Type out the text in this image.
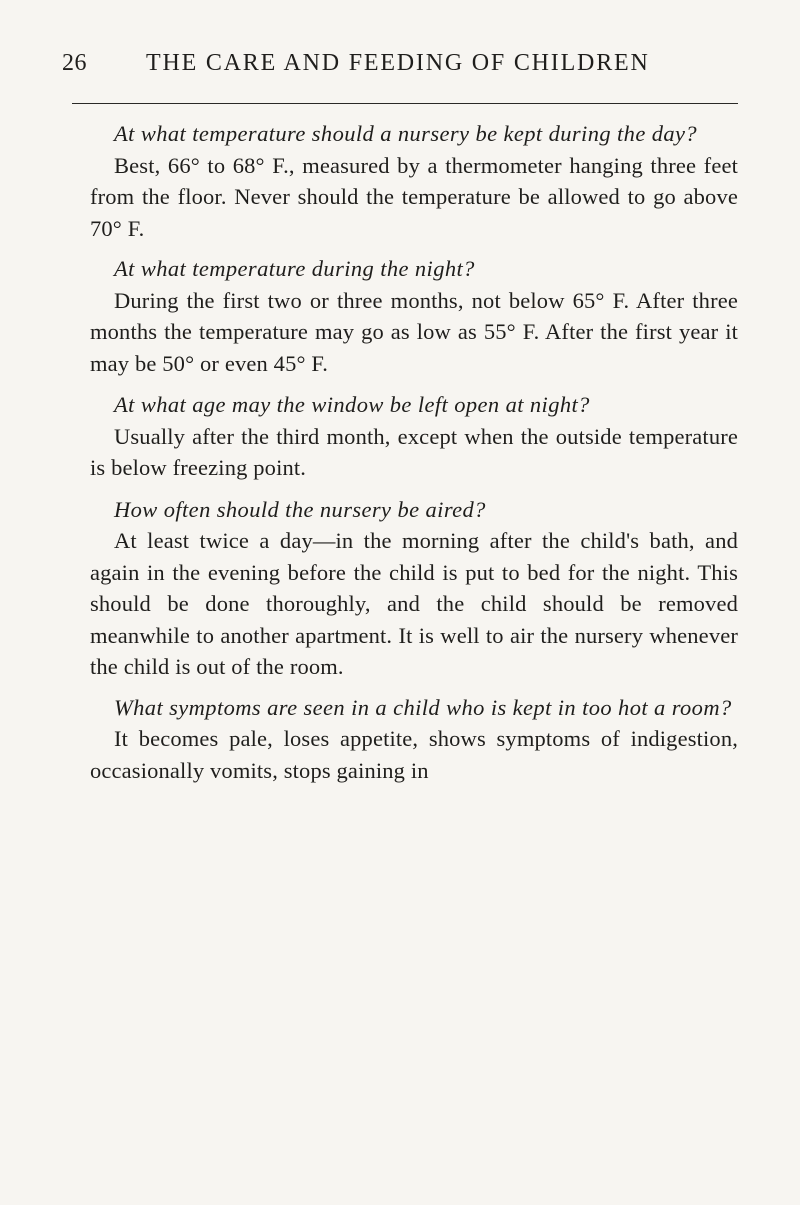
26 THE CARE AND FEEDING OF CHILDREN

At what temperature should a nursery be kept during the day?

Best, 66° to 68° F., measured by a thermometer hanging three feet from the floor. Never should the temperature be allowed to go above 70° F.

At what temperature during the night?

During the first two or three months, not below 65° F. After three months the temperature may go as low as 55° F. After the first year it may be 50° or even 45° F.

At what age may the window be left open at night?

Usually after the third month, except when the outside temperature is below freezing point.

How often should the nursery be aired?

At least twice a day—in the morning after the child's bath, and again in the evening before the child is put to bed for the night. This should be done thoroughly, and the child should be removed meanwhile to another apartment. It is well to air the nursery whenever the child is out of the room.

What symptoms are seen in a child who is kept in too hot a room?

It becomes pale, loses appetite, shows symptoms of indigestion, occasionally vomits, stops gaining in
